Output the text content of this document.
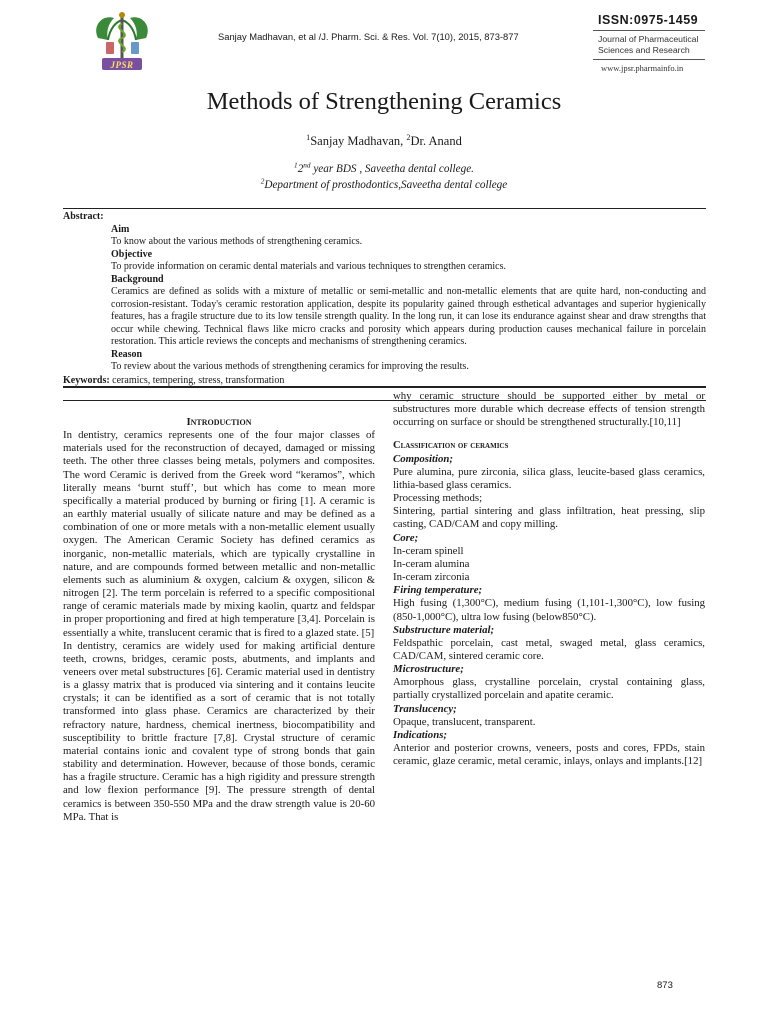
JPSR
Sanjay Madhavan, et al /J. Pharm. Sci. & Res. Vol. 7(10), 2015, 873-877
ISSN:0975-1459
Journal of Pharmaceutical
Sciences and Research
www.jpsr.pharmainfo.in
Methods of Strengthening Ceramics
$^1$Sanjay Madhavan, $^2$Dr. Anand
$^1$2nd year BDS , Saveetha dental college.
$^2$Department of prosthodontics,Saveetha dental college
Abstract:
Aim
To know about the various methods of strengthening ceramics.
Objective
To provide information on ceramic dental materials and various techniques to strengthen ceramics.
Background
Ceramics are defined as solids with a mixture of metallic or semi-metallic and non-metallic elements that are quite hard, non-conducting and corrosion-resistant. Today's ceramic restoration application, despite its popularity gained through esthetical advantages and superior hygienically features, has a fragile structure due to its low tensile strength quality. In the long run, it can lose its endurance against shear and draw strengths that occur while chewing. Technical flaws like micro cracks and porosity which appears during production causes mechanical failure in porcelain restoration. This article reviews the concepts and mechanisms of strengthening ceramics.
Reason
To review about the various methods of strengthening ceramics for improving the results.
Keywords: ceramics, tempering, stress, transformation

Introduction

In dentistry, ceramics represents one of the four major classes of materials used for the reconstruction of decayed, damaged or missing teeth. The other three classes being metals, polymers and composites. The word Ceramic is derived from the Greek word “keramos”, which literally means ‘burnt stuff’, but which has come to mean more specifically a material produced by burning or firing [1]. A ceramic is an earthly material usually of silicate nature and may be defined as a combination of one or more metals with a non-metallic element usually oxygen. The American Ceramic Society has defined ceramics as inorganic, non-metallic materials, which are typically crystalline in nature, and are compounds formed between metallic and non-metallic elements such as aluminium & oxygen, calcium & oxygen, silicon & nitrogen [2]. The term porcelain is referred to a specific compositional range of ceramic materials made by mixing kaolin, quartz and feldspar in proper proportioning and fired at high temperature [3,4]. Porcelain is essentially a white, translucent ceramic that is fired to a glazed state. [5]

In dentistry, ceramics are widely used for making artificial denture teeth, crowns, bridges, ceramic posts, abutments, and implants and veneers over metal substructures [6]. Ceramic material used in dentistry is a glassy matrix that is produced via sintering and it contains leucite crystals; it can be identified as a sort of ceramic that is not totally transformed into glass phase. Ceramics are characterized by their refractory nature, hardness, chemical inertness, biocompatibility and susceptibility to brittle fracture [7,8]. Crystal structure of ceramic material contains ionic and covalent type of strong bonds that gain stability and determination. However, because of those bonds, ceramic has a fragile structure. Ceramic has a high rigidity and pressure strength and low flexion performance [9]. The pressure strength of dental ceramics is between 350-550 MPa and the draw strength value is 20-60 MPa. That is

why ceramic structure should be supported either by metal or substructures more durable which decrease effects of tension strength occurring on surface or should be strengthened structurally.[10,11]

Classification of ceramics

Composition;

Pure alumina, pure zirconia, silica glass, leucite-based glass ceramics, lithia-based glass ceramics.

Processing methods;

Sintering, partial sintering and glass infiltration, heat pressing, slip casting, CAD/CAM and copy milling.

Core;

In-ceram spinell

In-ceram alumina

In-ceram zirconia

Firing temperature;

High fusing (1,300°C), medium fusing (1,101-1,300°C), low fusing (850-1,000°C), ultra low fusing (below850°C).

Substructure material;

Feldspathic porcelain, cast metal, swaged metal, glass ceramics, CAD/CAM, sintered ceramic core.

Microstructure;

Amorphous glass, crystalline porcelain, crystal containing glass, partially crystallized porcelain and apatite ceramic.

Translucency;

Opaque, translucent, transparent.

Indications;

Anterior and posterior crowns, veneers, posts and cores, FPDs, stain ceramic, glaze ceramic, metal ceramic, inlays, onlays and implants.[12]

873
